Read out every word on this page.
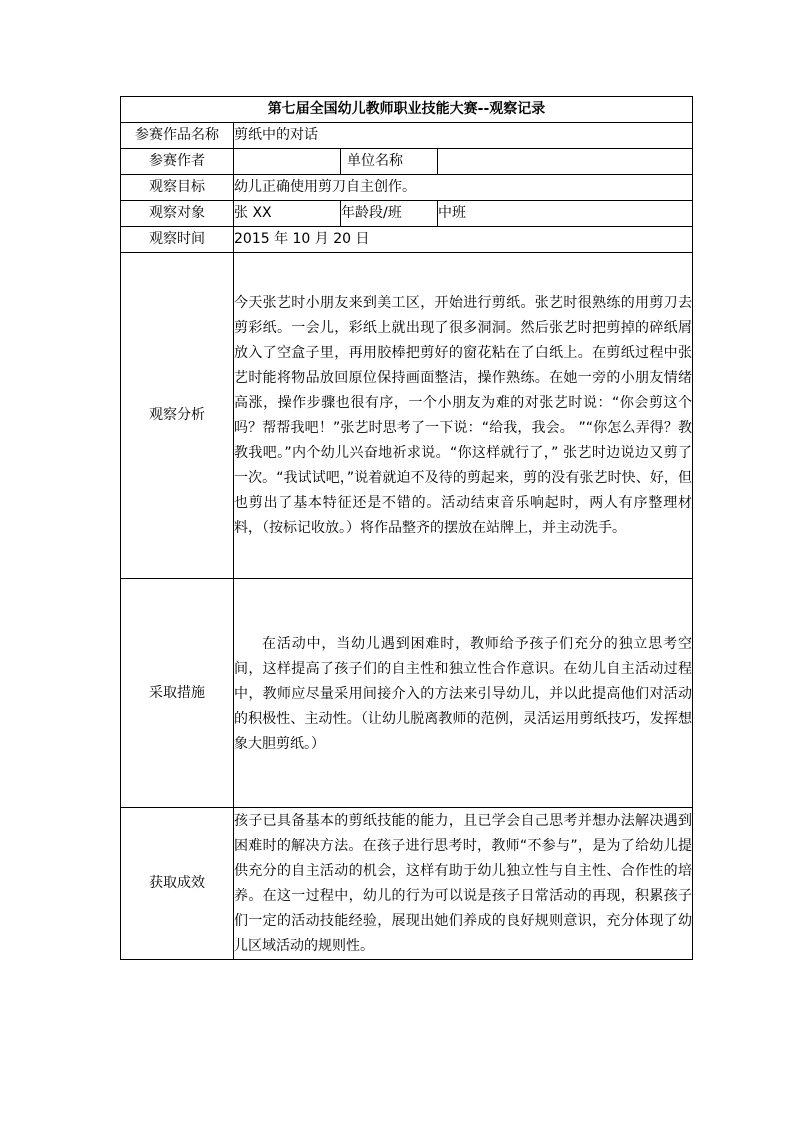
第七届全国幼儿教师职业技能大赛--观察记录			
参赛作品名称	剪纸中的对话		
参赛作者		单位名称	
观察目标	幼儿正确使用剪刀自主创作。		
观察对象	张 XX	年龄段/班	中班
观察时间	2015 年 10 月 20 日		
观察分析	今天张艺时小朋友来到美工区，开始进行剪纸。张艺时很熟练的用剪刀去剪彩纸。一会儿，彩纸上就出现了很多洞洞。然后张艺时把剪掉的碎纸屑放入了空盒子里，再用胶棒把剪好的窗花粘在了白纸上。在剪纸过程中张艺时能将物品放回原位保持画面整洁，操作熟练。在她一旁的小朋友情绪高涨，操作步骤也很有序，一个小朋友为难的对张艺时说：“你会剪这个吗？帮帮我吧！”张艺时思考了一下说：“给我，我会。 ”“你怎么弄得？教教我吧。”内个幼儿兴奋地祈求说。“你这样就行了，” 张艺时边说边又剪了一次。“我试试吧，”说着就迫不及待的剪起来，剪的没有张艺时快、好，但也剪出了基本特征还是不错的。活动结束音乐响起时，两人有序整理材料，（按标记收放。）将作品整齐的摆放在站牌上，并主动洗手。		

采取措施	在活动中，当幼儿遇到困难时，教师给予孩子们充分的独立思考空间，这样提高了孩子们的自主性和独立性合作意识。在幼儿自主活动过程中，教师应尽量采用间接介入的方法来引导幼儿，并以此提高他们对活动的积极性、主动性。（让幼儿脱离教师的范例，灵活运用剪纸技巧，发挥想象大胆剪纸。）		

获取成效	孩子已具备基本的剪纸技能的能力，且已学会自己思考并想办法解决遇到困难时的解决方法。在孩子进行思考时，教师“不参与”，是为了给幼儿提供充分的自主活动的机会，这样有助于幼儿独立性与自主性、合作性的培养。在这一过程中，幼儿的行为可以说是孩子日常活动的再现，积累孩子们一定的活动技能经验，展现出她们养成的良好规则意识，充分体现了幼儿区域活动的规则性。		
